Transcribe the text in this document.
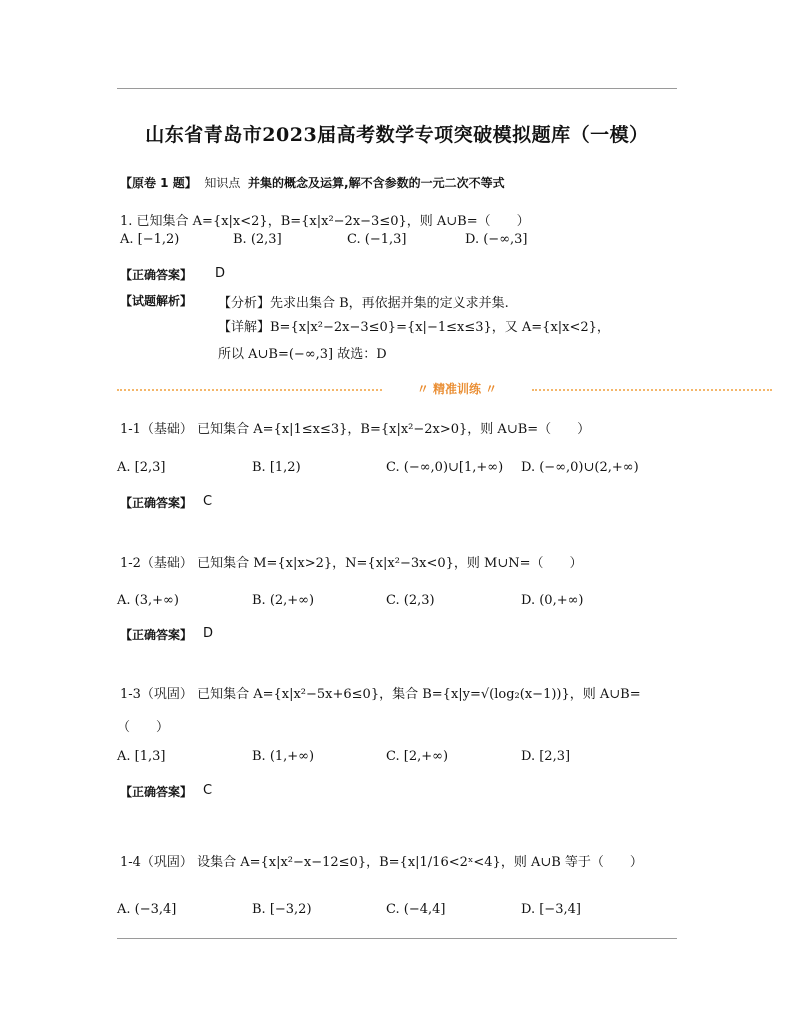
山东省青岛市2023届高考数学专项突破模拟题库（一模）
【原卷 1 题】 知识点 并集的概念及运算,解不含参数的一元二次不等式
1. 已知集合 A={x|x<2}，B={x|x²−2x−3≤0}，则 A∪B=（　　）
A. [−1,2)	B. (2,3]	C. (−1,3]	D. (−∞,3]
【正确答案】 D
【试题解析】 【分析】先求出集合 B，再依据并集的定义求并集.
【详解】B={x|x²−2x−3≤0}={x|−1≤x≤3}，又 A={x|x<2}，
所以 A∪B=(−∞,3] 故选：D
〃 精准训练 〃
1-1（基础） 已知集合 A={x|1≤x≤3}，B={x|x²−2x>0}，则 A∪B=（　　）
A. [2,3]	B. [1,2)	C. (−∞,0)∪[1,+∞) D. (−∞,0)∪(2,+∞)
【正确答案】 C
1-2（基础） 已知集合 M={x|x>2}，N={x|x²−3x<0}，则 M∪N=（　　）
A. (3,+∞)	B. (2,+∞)	C. (2,3)	D. (0,+∞)
【正确答案】 D
1-3（巩固） 已知集合 A={x|x²−5x+6≤0}，集合 B={x|y=√(log₂(x−1))}，则 A∪B=
（　　）
A. [1,3]	B. (1,+∞)	C. [2,+∞)	D. [2,3]
【正确答案】 C
1-4（巩固） 设集合 A={x|x²−x−12≤0}，B={x|1/16<2ˣ<4}，则 A∪B 等于（　　）
A. (−3,4]	B. [−3,2)	C. (−4,4]	D. [−3,4]
